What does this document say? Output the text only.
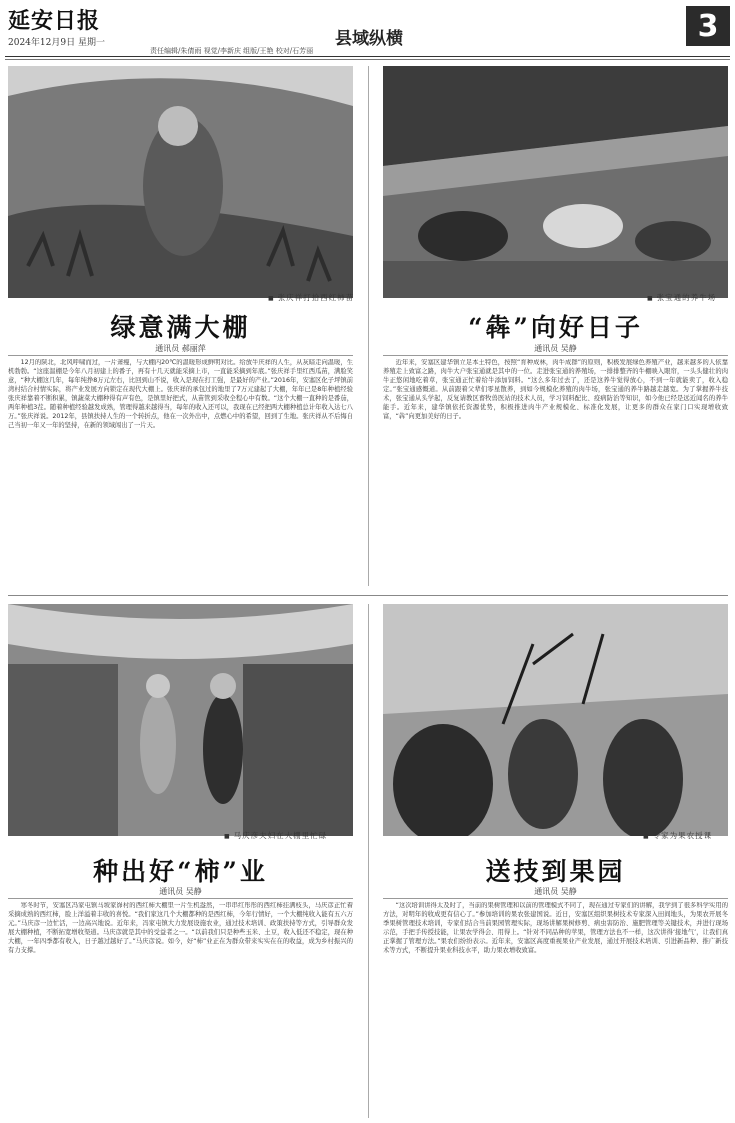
延安日报
2024年12月9日 星期一
责任编辑/朱倩雨 视觉/李新庆 组版/王艳 校对/石芳丽
县域纵横	3
■ 张庆祥打拾西红柿苗
绿意满大棚
通讯员 郝丽萍

12月的陕北，北风呼啸而过，一片萧瘦，与大棚内20℃的温暖形成鲜明对比。给放牛庆祥的人生，从灰暗走向温暖，生机勃勃。“这座温棚是今年八月初建上的番子，再有十几天就能采摘上市，一直能采摘到年底。”张庆祥手里红西瓜苗，满脸笑意，“种大棚这几年，每年纯挣8万元左右，比回到山不说，收入是现在打工强，是最好的产业。”2016年，安塞区化子坪镇前湾村结合村情实际，将产业发展方向锁定在现代大棚上。张庆祥的承包过的地里了7万元建起了大棚，年年已是8年种植经验张庆祥靠着不断积累，镇蔬菜大棚种得有声有色，是镇里好把式，从苗管到采收全程心中有数。“这个大棚一直种的是番茄，两年种植3茬。随着种植经验越发成熟，管理得越来越得当，每年的收入还可以，我现在已经把两大棚种植总计年收入达七八万。”张庆祥说。2012年，县镇扶持人生的一个转折点，他在一次外出中，点燃心中的希望，回到了生地。张庆祥从不后悔自己当初一年又一年的坚持，在新的领域闯出了一片天。

■ 张宝通的养牛场
“犇”向好日子
通讯员 吴静

近年来，安塞区建华镇立足本土特色，按照“育种成林，肉牛成群”的原则，积极发展绿色养殖产业，越来越多的人依靠养殖走上致富之路，肉牛大户张宝通就是其中的一位。走进张宝通的养殖场，一排排整齐的牛棚映入眼帘，一头头健壮的肉牛正悠闲地吃着草，张宝通正忙着给牛添加饲料。“这么多年过去了，还是这养牛觉得放心，不到一年就能卖了，收入稳定。”张宝通感慨道。从前跟着父辈们零星散养，到如今规模化养殖的肉牛场，张宝通的养牛路越走越宽。为了掌握养牛技术，张宝通从头学起，反复请教区畜牧兽医站的技术人员，学习饲料配比、疫病防治等知识，如今他已经是远近闻名的养牛能手。近年来，建华镇依托资源优势，积极推进肉牛产业规模化、标准化发展，让更多的群众在家门口实现增收致富，“犇”向更加美好的日子。

■ 马庆彦夫妇在大棚里忙碌
种出好“柿”业
通讯员 吴静

寒冬时节，安塞区冯家屯镇马坡家峁村的西红柿大棚里一片生机盎然，一串串红彤彤的西红柿挂满枝头，马庆彦正忙着采摘成熟的西红柿，脸上洋溢着丰收的喜悦。“我们家这几个大棚都种的是西红柿，今年行情好，一个大棚纯收入能有五六万元。”马庆彦一边忙活，一边高兴地说。近年来，冯家屯镇大力发展设施农业，通过技术培训、政策扶持等方式，引导群众发展大棚种植，不断拓宽增收渠道。马庆彦就是其中的受益者之一。“以前我们只是种些玉米、土豆，收入低还不稳定，现在种大棚，一年四季都有收入，日子越过越好了。”马庆彦说。如今，好“柿”业正在为群众带来实实在在的收益，成为乡村振兴的有力支撑。

■ 专家为果农授课
送技到果园
通讯员 吴静

“这次培训讲得太及时了，当前的果树管理和以前的管理模式不同了，现在通过专家们的讲解，我学到了很多科学实用的方法，对明年的收成更有信心了。”参加培训的果农张建国说。近日，安塞区组织果树技术专家深入田间地头，为果农开展冬季果树管理技术培训，专家们结合当前果园管理实际，现场讲解果树修剪、病虫害防治、施肥管理等关键技术，并进行现场示范，手把手传授技能，让果农学得会、用得上。“针对不同品种的苹果，管理方法也不一样，这次讲得‘接地气’，让我们真正掌握了管理方法。”果农们纷纷表示。近年来，安塞区高度重视果业产业发展，通过开展技术培训、引进新品种、推广新技术等方式，不断提升果业科技水平，助力果农增收致富。
